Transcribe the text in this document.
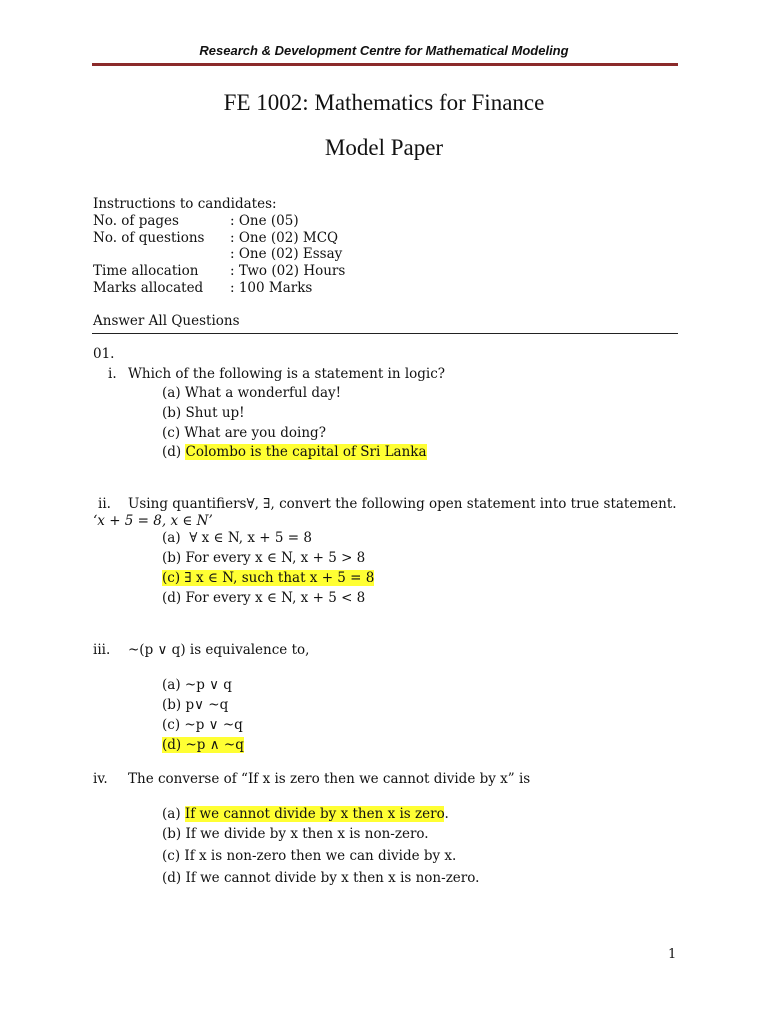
Research & Development Centre for Mathematical Modeling
FE 1002: Mathematics for Finance
Model Paper
Instructions to candidates:
No. of pages	: One (05)
No. of questions : One (02) MCQ
: One (02) Essay
Time allocation : Two (02) Hours
Marks allocated : 100 Marks
Answer All Questions
01.
i. Which of the following is a statement in logic?
(a) What a wonderful day!
(b) Shut up!
(c) What are you doing?
(d) Colombo is the capital of Sri Lanka
ii. Using quantifiers∀, ∃, convert the following open statement into true statement.
‘x + 5 = 8, x ∈ N’
(a) ∀ x ∈ N, x + 5 = 8
(b) For every x ∈ N, x + 5 > 8
(c) ∃ x ∈ N, such that x + 5 = 8
(d) For every x ∈ N, x + 5 < 8
iii. ~(p ∨ q) is equivalence to,
(a) ~p ∨ q
(b) p∨ ~q
(c) ~p ∨ ~q
(d) ~p ∧ ~q
iv. The converse of “If x is zero then we cannot divide by x” is
(a) If we cannot divide by x then x is zero.
(b) If we divide by x then x is non-zero.
(c) If x is non-zero then we can divide by x.
(d) If we cannot divide by x then x is non-zero.
1
